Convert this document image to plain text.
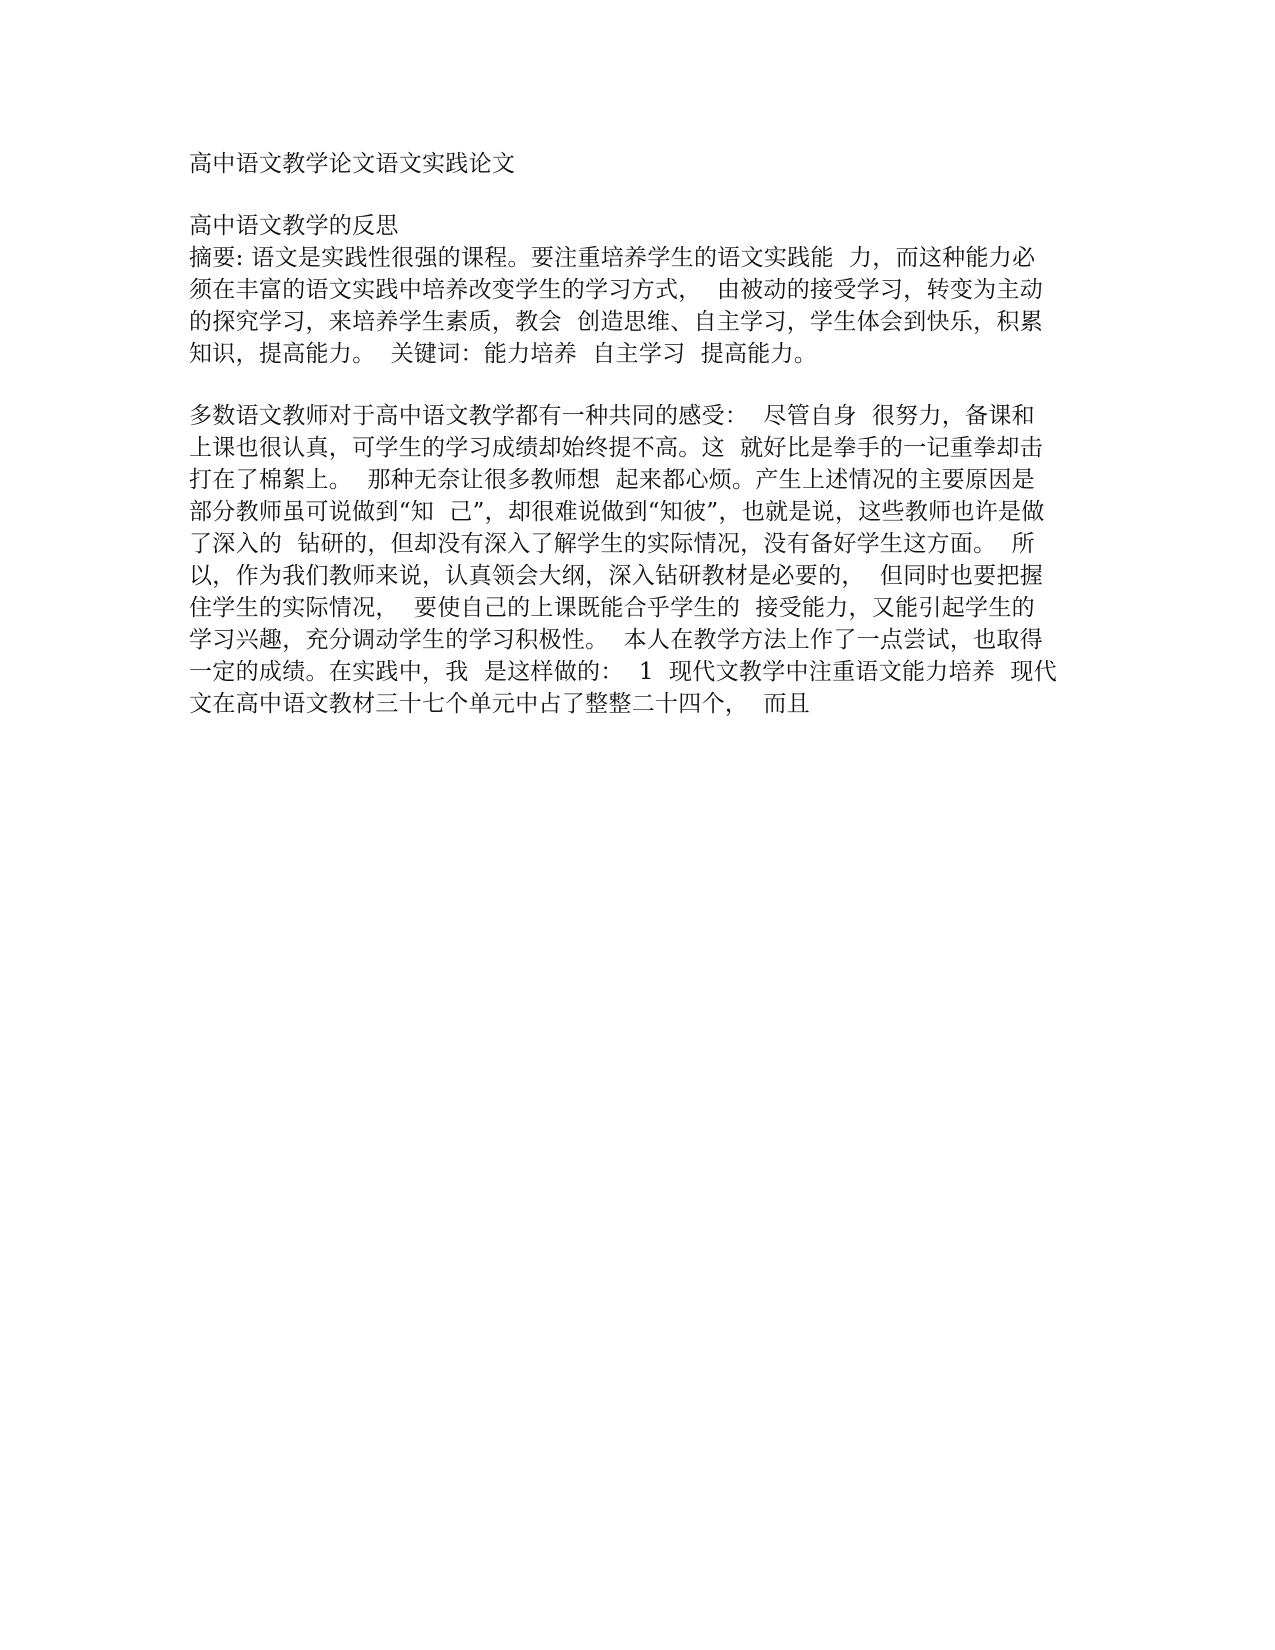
高中语文教学论文语文实践论文
高中语文教学的反思
摘要: 语文是实践性很强的课程。要注重培养学生的语文实践能  力，而这种能力必
须在丰富的语文实践中培养改变学生的学习方式，  由被动的接受学习，转变为主动
的探究学习，来培养学生素质，教会  创造思维、自主学习，学生体会到快乐，积累
知识，提高能力。  关键词：能力培养  自主学习  提高能力。
多数语文教师对于高中语文教学都有一种共同的感受：  尽管自身  很努力，备课和
上课也很认真，可学生的学习成绩却始终提不高。这  就好比是拳手的一记重拳却击
打在了棉絮上。  那种无奈让很多教师想  起来都心烦。产生上述情况的主要原因是
部分教师虽可说做到“知  己”，却很难说做到“知彼”，也就是说，这些教师也许是做
了深入的  钻研的，但却没有深入了解学生的实际情况，没有备好学生这方面。  所
以，作为我们教师来说，认真领会大纲，深入钻研教材是必要的，  但同时也要把握
住学生的实际情况，  要使自己的上课既能合乎学生的  接受能力，又能引起学生的
学习兴趣，充分调动学生的学习积极性。  本人在教学方法上作了一点尝试，也取得
一定的成绩。在实践中，我  是这样做的：  1  现代文教学中注重语文能力培养  现代
文在高中语文教材三十七个单元中占了整整二十四个，  而且
